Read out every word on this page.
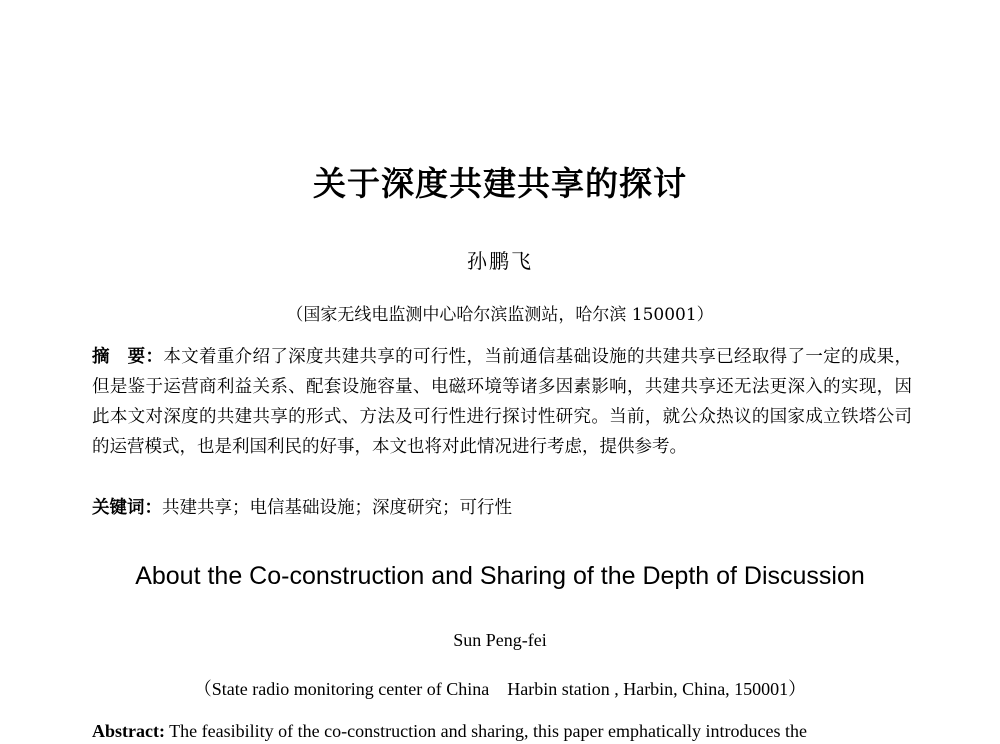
关于深度共建共享的探讨
孙鹏飞
（国家无线电监测中心哈尔滨监测站，哈尔滨 150001）
摘　要：本文着重介绍了深度共建共享的可行性，当前通信基础设施的共建共享已经取得了一定的成果，但是鉴于运营商利益关系、配套设施容量、电磁环境等诸多因素影响，共建共享还无法更深入的实现，因此本文对深度的共建共享的形式、方法及可行性进行探讨性研究。当前，就公众热议的国家成立铁塔公司的运营模式，也是利国利民的好事，本文也将对此情况进行考虑，提供参考。
关键词：共建共享；电信基础设施；深度研究；可行性
About the Co-construction and Sharing of the Depth of Discussion
Sun Peng-fei
（State radio monitoring center of China    Harbin station , Harbin, China, 150001）
Abstract: The feasibility of the co-construction and sharing, this paper emphatically introduces the
